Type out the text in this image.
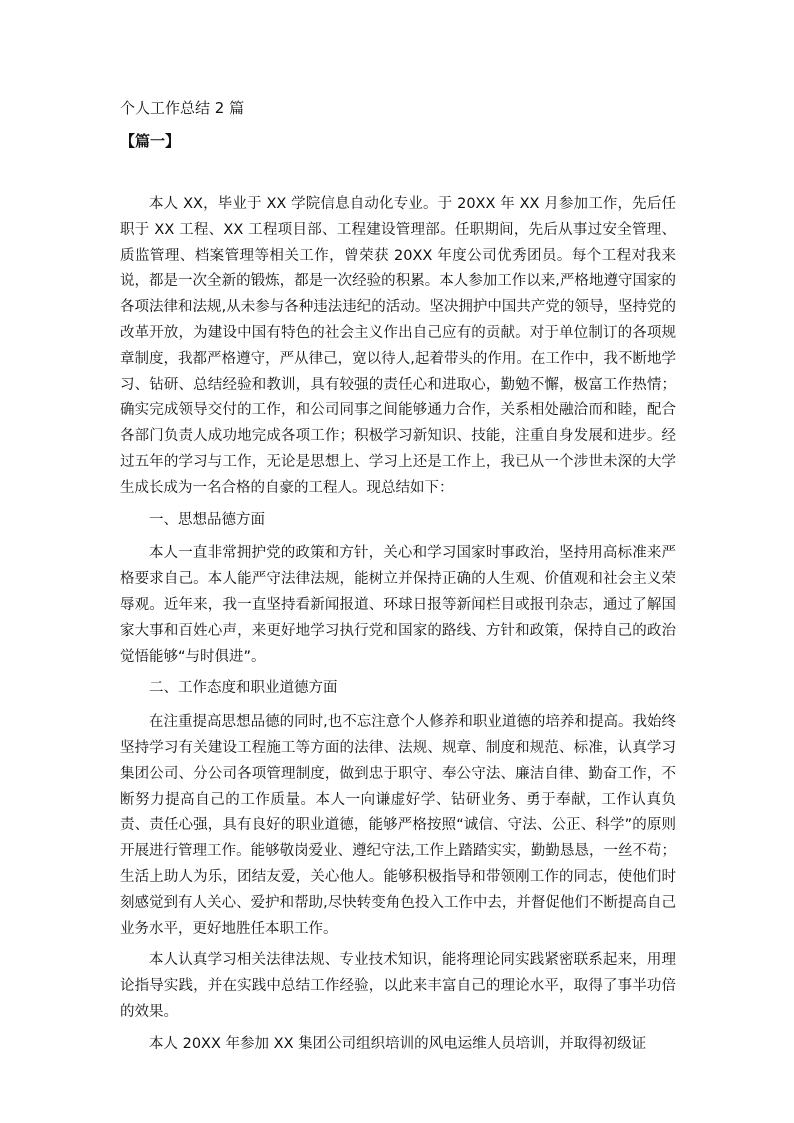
个人工作总结 2 篇
【篇一】

本人 XX，毕业于 XX 学院信息自动化专业。于 20XX 年 XX 月参加工作，先后任职于 XX 工程、XX 工程项目部、工程建设管理部。任职期间，先后从事过安全管理、质监管理、档案管理等相关工作，曾荣获 20XX 年度公司优秀团员。每个工程对我来说，都是一次全新的锻炼，都是一次经验的积累。本人参加工作以来,严格地遵守国家的各项法律和法规,从未参与各种违法违纪的活动。坚决拥护中国共产党的领导，坚持党的改革开放，为建设中国有特色的社会主义作出自己应有的贡献。对于单位制订的各项规章制度，我都严格遵守，严从律己，宽以待人,起着带头的作用。在工作中，我不断地学习、钻研、总结经验和教训，具有较强的责任心和进取心，勤勉不懈，极富工作热情；确实完成领导交付的工作，和公司同事之间能够通力合作，关系相处融洽而和睦，配合各部门负责人成功地完成各项工作；积极学习新知识、技能，注重自身发展和进步。经过五年的学习与工作，无论是思想上、学习上还是工作上，我已从一个涉世未深的大学生成长成为一名合格的自豪的工程人。现总结如下：

一、思想品德方面

本人一直非常拥护党的政策和方针，关心和学习国家时事政治，坚持用高标准来严格要求自己。本人能严守法律法规，能树立并保持正确的人生观、价值观和社会主义荣辱观。近年来，我一直坚持看新闻报道、环球日报等新闻栏目或报刊杂志，通过了解国家大事和百姓心声，来更好地学习执行党和国家的路线、方针和政策，保持自己的政治觉悟能够“与时俱进”。

二、工作态度和职业道德方面

在注重提高思想品德的同时,也不忘注意个人修养和职业道德的培养和提高。我始终坚持学习有关建设工程施工等方面的法律、法规、规章、制度和规范、标准，认真学习集团公司、分公司各项管理制度，做到忠于职守、奉公守法、廉洁自律、勤奋工作，不断努力提高自己的工作质量。本人一向谦虚好学、钻研业务、勇于奉献，工作认真负责、责任心强，具有良好的职业道德，能够严格按照“诚信、守法、公正、科学”的原则开展进行管理工作。能够敬岗爱业、遵纪守法,工作上踏踏实实，勤勤恳恳，一丝不苟；生活上助人为乐，团结友爱，关心他人。能够积极指导和带领刚工作的同志，使他们时刻感觉到有人关心、爱护和帮助,尽快转变角色投入工作中去，并督促他们不断提高自己业务水平，更好地胜任本职工作。

本人认真学习相关法律法规、专业技术知识，能将理论同实践紧密联系起来，用理论指导实践，并在实践中总结工作经验，以此来丰富自己的理论水平，取得了事半功倍的效果。

本人 20XX 年参加 XX 集团公司组织培训的风电运维人员培训，并取得初级证
